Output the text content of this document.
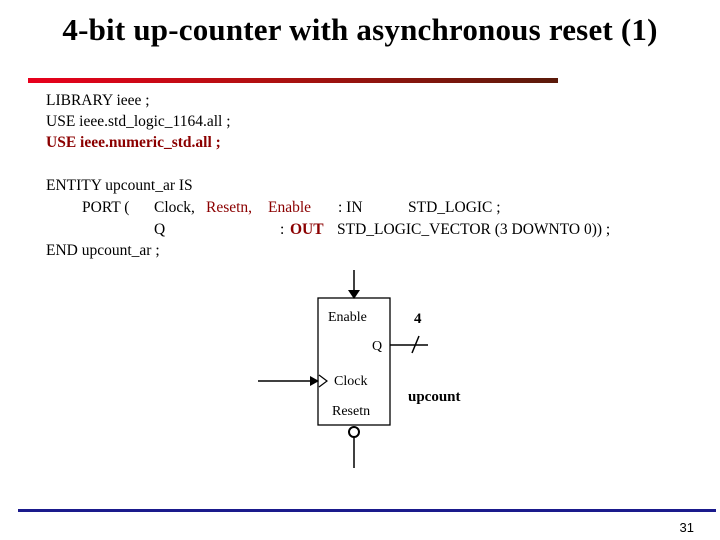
4-bit up-counter with asynchronous reset (1)
LIBRARY ieee ;
USE ieee.std_logic_1164.all ;
USE ieee.numeric_std.all ;
ENTITY upcount_ar IS
PORT ( Clock, Resetn, Enable : IN	STD_LOGIC ;
Q	: OUT STD_LOGIC_VECTOR (3 DOWNTO 0)) ;
END upcount_ar ;
Enable
Q
Clock
Resetn
4
upcount
31
